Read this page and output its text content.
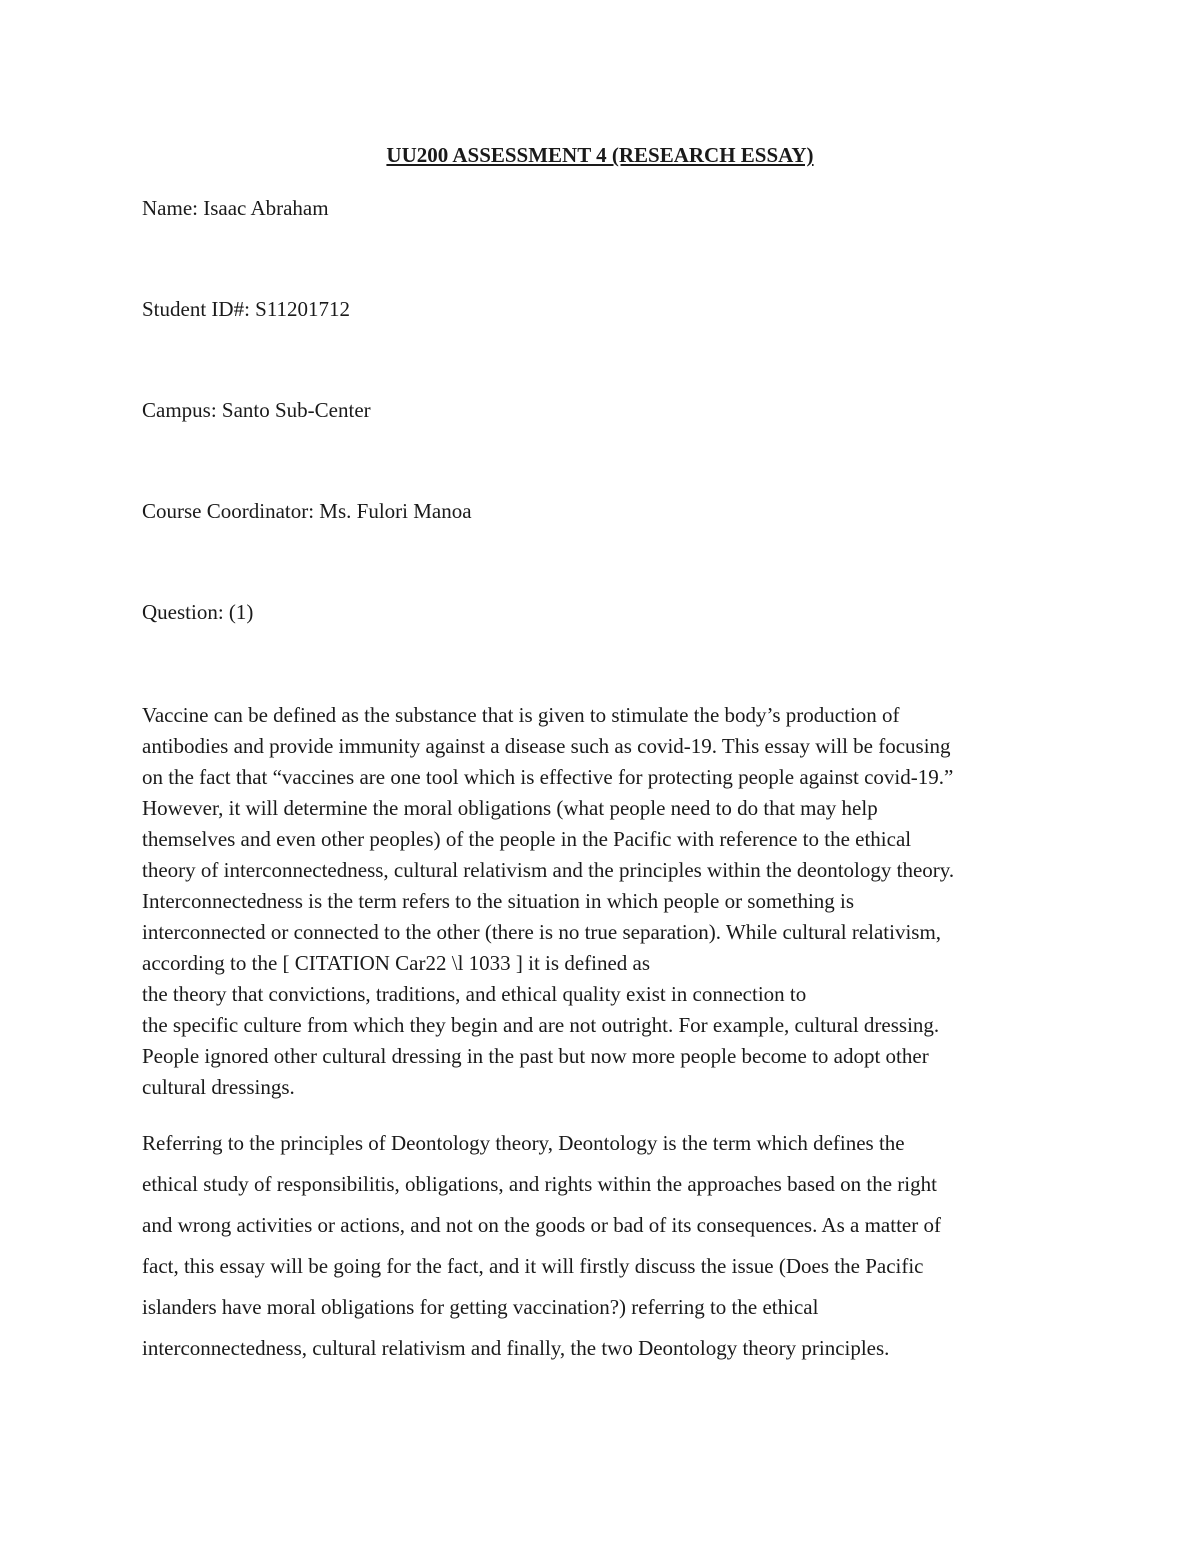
UU200 ASSESSMENT 4 (RESEARCH ESSAY)
Name: Isaac Abraham
Student ID#: S11201712
Campus: Santo Sub-Center
Course Coordinator: Ms. Fulori Manoa
Question: (1)
Vaccine can be defined as the substance that is given to stimulate the body’s production of
antibodies and provide immunity against a disease such as covid-19. This essay will be focusing
on the fact that “vaccines are one tool which is effective for protecting people against covid-19.”
However, it will determine the moral obligations (what people need to do that may help
themselves and even other peoples) of the people in the Pacific with reference to the ethical
theory of interconnectedness, cultural relativism and the principles within the deontology theory.
Interconnectedness is the term refers to the situation in which people or something is
interconnected or connected to the other (there is no true separation). While cultural relativism,
according to the [ CITATION Car22 \l 1033 ] it is defined as
the theory that convictions, traditions, and ethical quality exist in connection to
the specific culture from which they begin and are not outright. For example, cultural dressing.
People ignored other cultural dressing in the past but now more people become to adopt other
cultural dressings.
Referring to the principles of Deontology theory, Deontology is the term which defines the
ethical study of responsibilitis, obligations, and rights within the approaches based on the right
and wrong activities or actions, and not on the goods or bad of its consequences. As a matter of
fact, this essay will be going for the fact, and it will firstly discuss the issue (Does the Pacific
islanders have moral obligations for getting vaccination?) referring to the ethical
interconnectedness, cultural relativism and finally, the two Deontology theory principles.
